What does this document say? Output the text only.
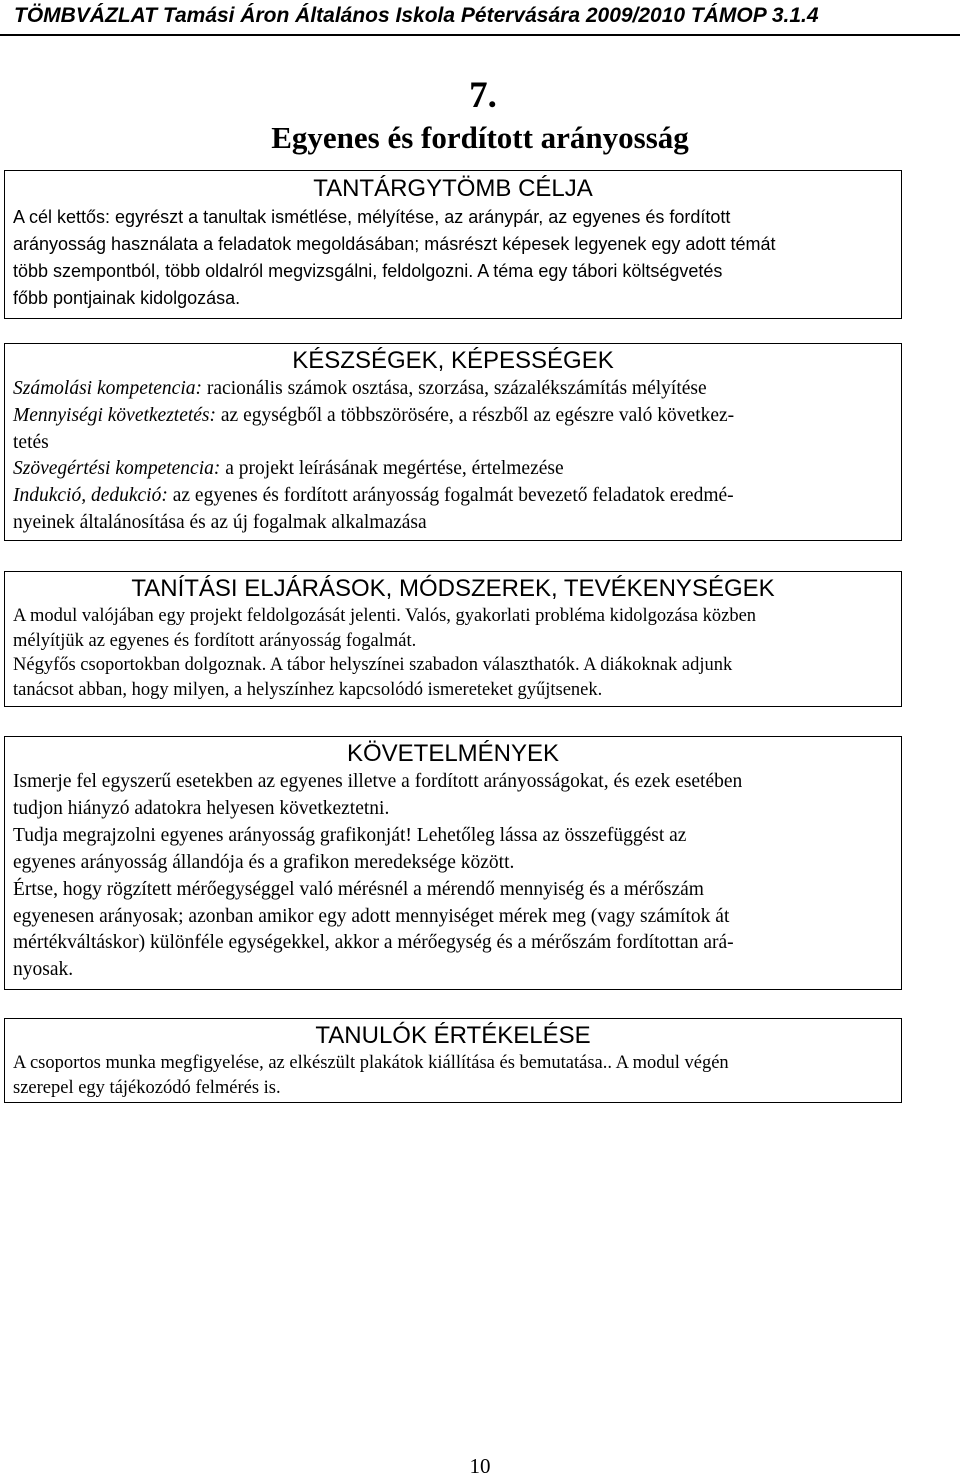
TÖMBVÁZLAT Tamási Áron Általános Iskola Pétervására 2009/2010 TÁMOP 3.1.4
7.
Egyenes és fordított arányosság
TANTÁRGYTÖMB CÉLJA
A cél kettős: egyrészt a tanultak ismétlése, mélyítése, az aránypár, az egyenes és fordított
arányosság használata a feladatok megoldásában; másrészt képesek legyenek egy adott témát
több szempontból, több oldalról megvizsgálni, feldolgozni. A téma egy tábori költségvetés
főbb pontjainak kidolgozása.
KÉSZSÉGEK, KÉPESSÉGEK
Számolási kompetencia: racionális számok osztása, szorzása, százalékszámítás mélyítése
Mennyiségi következtetés: az egységből a többszörösére, a részből az egészre való következ-
tetés
Szövegértési kompetencia: a projekt leírásának megértése, értelmezése
Indukció, dedukció: az egyenes és fordított arányosság fogalmát bevezető feladatok eredmé-
nyeinek általánosítása és az új fogalmak alkalmazása
TANÍTÁSI ELJÁRÁSOK, MÓDSZEREK, TEVÉKENYSÉGEK
A modul valójában egy projekt feldolgozását jelenti. Valós, gyakorlati probléma kidolgozása közben
mélyítjük az egyenes és fordított arányosság fogalmát.
Négyfős csoportokban dolgoznak. A tábor helyszínei szabadon választhatók. A diákoknak adjunk
tanácsot abban, hogy milyen, a helyszínhez kapcsolódó ismereteket gyűjtsenek.
KÖVETELMÉNYEK
Ismerje fel egyszerű esetekben az egyenes illetve a fordított arányosságokat, és ezek esetében
tudjon hiányzó adatokra helyesen következtetni.
Tudja megrajzolni egyenes arányosság grafikonját! Lehetőleg lássa az összefüggést az
egyenes arányosság állandója és a grafikon meredeksége között.
Értse, hogy rögzített mérőegységgel való mérésnél a mérendő mennyiség és a mérőszám
egyenesen arányosak; azonban amikor egy adott mennyiséget mérek meg (vagy számítok át
mértékváltáskor) különféle egységekkel, akkor a mérőegység és a mérőszám fordítottan ará-
nyosak.
TANULÓK ÉRTÉKELÉSE
A csoportos munka megfigyelése, az elkészült plakátok kiállítása és bemutatása.. A modul végén
szerepel egy tájékozódó felmérés is.
10
